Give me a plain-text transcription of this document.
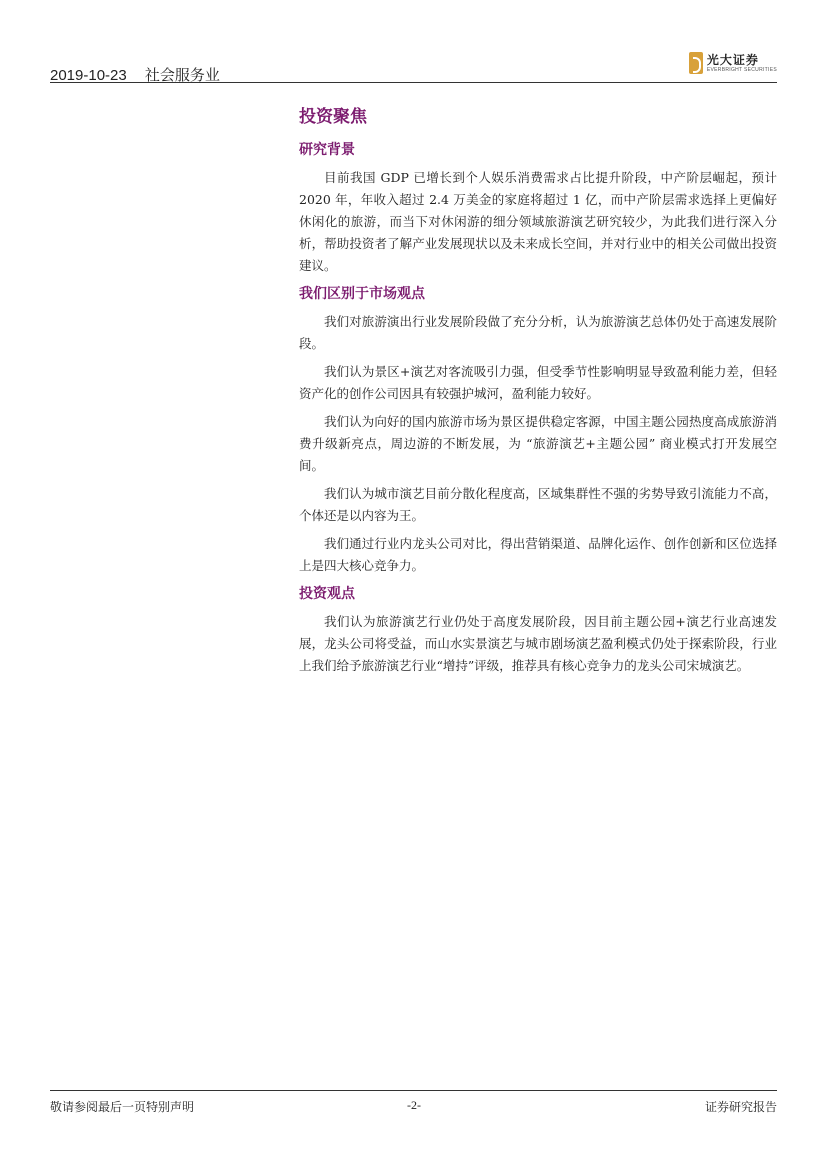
2019-10-23 社会服务业
光大证券
EVERBRIGHT SECURITIES
投资聚焦
研究背景

目前我国 GDP 已增长到个人娱乐消费需求占比提升阶段，中产阶层崛起，预计 2020 年，年收入超过 2.4 万美金的家庭将超过 1 亿，而中产阶层需求选择上更偏好休闲化的旅游，而当下对休闲游的细分领域旅游演艺研究较少，为此我们进行深入分析，帮助投资者了解产业发展现状以及未来成长空间，并对行业中的相关公司做出投资建议。

我们区别于市场观点

我们对旅游演出行业发展阶段做了充分分析，认为旅游演艺总体仍处于高速发展阶段。

我们认为景区+演艺对客流吸引力强，但受季节性影响明显导致盈利能力差，但轻资产化的创作公司因具有较强护城河，盈利能力较好。

我们认为向好的国内旅游市场为景区提供稳定客源，中国主题公园热度高成旅游消费升级新亮点，周边游的不断发展，为 “旅游演艺+主题公园” 商业模式打开发展空间。

我们认为城市演艺目前分散化程度高，区域集群性不强的劣势导致引流能力不高，个体还是以内容为王。

我们通过行业内龙头公司对比，得出营销渠道、品牌化运作、创作创新和区位选择上是四大核心竞争力。

投资观点

我们认为旅游演艺行业仍处于高度发展阶段，因目前主题公园+演艺行业高速发展，龙头公司将受益，而山水实景演艺与城市剧场演艺盈利模式仍处于探索阶段，行业上我们给予旅游演艺行业“增持”评级，推荐具有核心竞争力的龙头公司宋城演艺。

敬请参阅最后一页特别声明	-2-	证券研究报告
